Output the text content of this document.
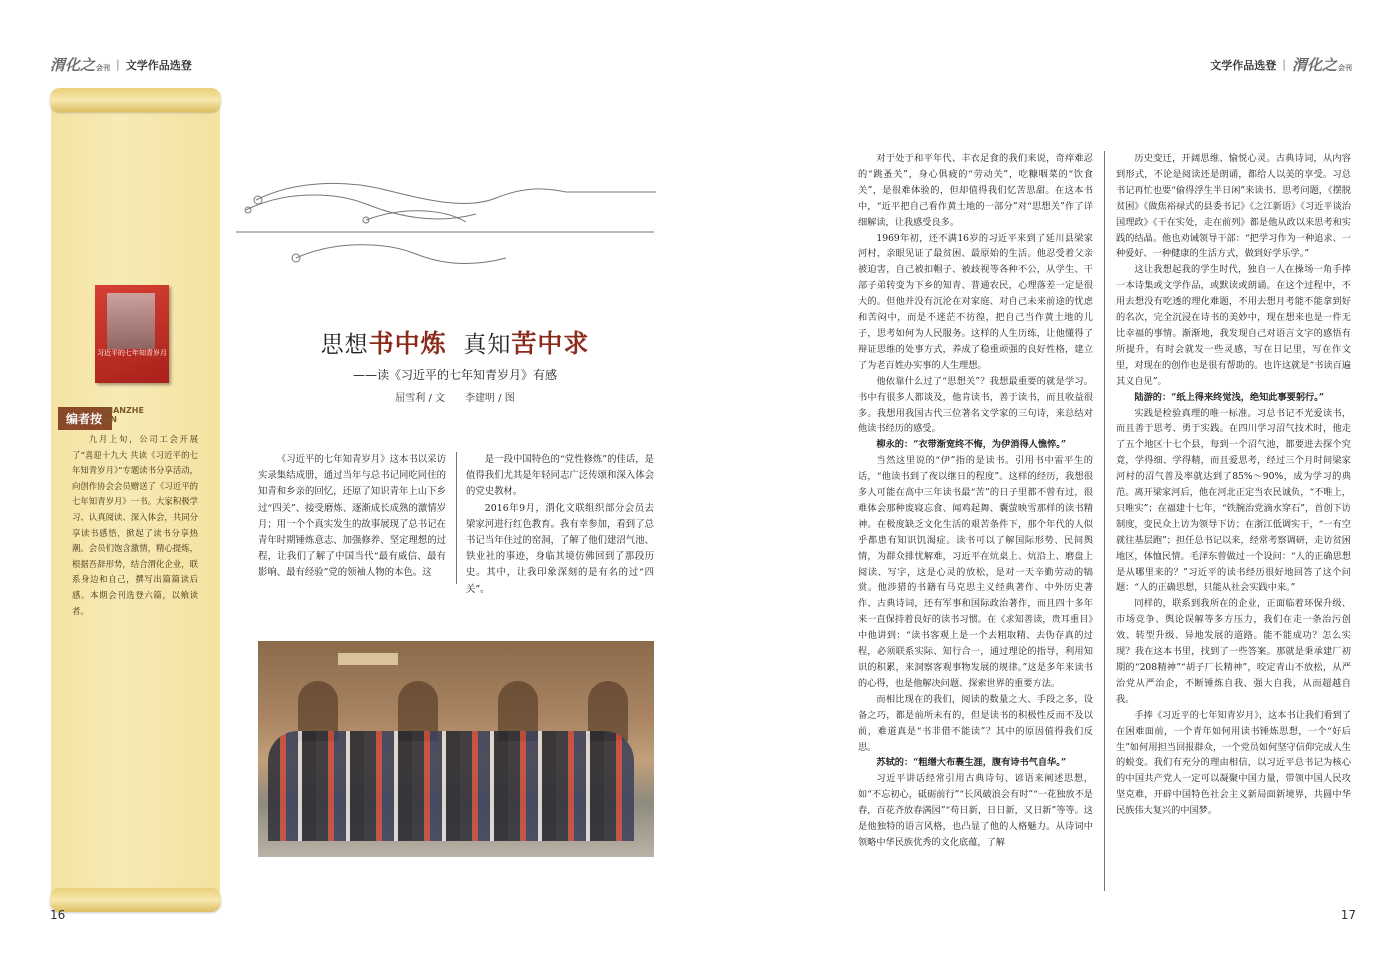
渭化之会刊 | 文学作品选登	文学作品选登 | 渭化之会刊
习近平的七年知青岁月
编者按
BIANZHE AN
九月上旬，公司工会开展了“喜迎十九大 共读《习近平的七年知青岁月》”专题读书分享活动，向创作协会会员赠送了《习近平的七年知青岁月》一书。大家积极学习、认真阅读、深入体会，共同分享读书感悟，掀起了读书分享热潮。会员们饱含激情，精心提炼，根据吾辞形势，结合渭化企业，联系身边和自己，撰写出篇篇读后感。本期会刊选登六篇，以飨读者。
思想书中炼 真知苦中求
——读《习近平的七年知青岁月》有感
屈雪利 / 文　　李建明 / 图

《习近平的七年知青岁月》这本书以采访实录集结成册，通过当年与总书记同吃同住的知青和乡亲的回忆，还原了知识青年上山下乡过“四关”、接受磨炼、逐渐成长成熟的激情岁月；用一个个真实发生的故事展现了总书记在青年时期锤炼意志、加强修养、坚定理想的过程，让我们了解了中国当代“最有威信、最有影响、最有经验”党的领袖人物的本色。这

是一段中国特色的“党性修炼”的佳话，是值得我们尤其是年轻同志广泛传颂和深入体会的党史教材。

2016年9月，渭化文联组织部分会员去梁家河进行红色教育。我有幸参加，看到了总书记当年住过的窑洞，了解了他们建沼气池、铁业社的事迹，身临其境仿佛回到了那段历史。其中，让我印象深刻的是有名的过“四关”。

对于处于和平年代、丰衣足食的我们来说，奇痒难忍的“跳蚤关”，身心俱疲的“劳动关”，吃糠咽菜的“饮食关”，是很难体验的，但却值得我们忆苦思甜。在这本书中，“近平把自己看作黄土地的一部分”对“思想关”作了详细解读，让我感受良多。

1969年初，还不满16岁的习近平来到了延川县梁家河村，亲眼见证了最贫困、最原始的生活。他忍受着父亲被迫害，自己被扣帽子、被歧视等各种不公，从学生、干部子弟转变为下乡的知青、普通农民，心理落差一定是很大的。但他并没有沉沦在对家庭、对自己未来前途的忧虑和苦闷中，而是不迷茫不彷徨，把自己当作黄土地的儿子，思考如何为人民服务。这样的人生历练，让他懂得了辩证思维的处事方式，养成了稳重顽强的良好性格，建立了为老百姓办实事的人生理想。

他依靠什么过了“思想关”？我想最重要的就是学习。书中有很多人都谈及，他肯读书，善于读书，而且收益很多。我想用我国古代三位著名文学家的三句诗，来总结对他读书经历的感受。

柳永的：“衣带渐宽终不悔，为伊消得人憔悴。”

当然这里说的“伊”指的是读书。引用书中雷平生的话，“他读书到了夜以继日的程度”。这样的经历，我想很多人可能在高中三年读书最“苦”的日子里都不曾有过，很难体会那种废寝忘食、闻鸡起舞、囊萤映雪那样的读书精神。在极度缺乏文化生活的艰苦条件下，那个年代的人似乎都患有知识饥渴症。读书可以了解国际形势、民间舆情，为群众排忧解难，习近平在炕桌上、炕沿上、磨盘上阅读、写字，这是心灵的放松，是对一天辛勤劳动的犒赏。他渉猎的书籍有马克思主义经典著作、中外历史著作、古典诗词，还有军事和国际政治著作，而且四十多年来一直保持着良好的读书习惯。在《求知善读，贵耳重目》中他讲到：“读书客观上是一个去粗取精、去伪存真的过程，必须联系实际、知行合一，通过理论的指导，利用知识的积累，来洞察客观事物发展的规律。”这是多年来读书的心得，也是他解决问题、探索世界的重要方法。

而相比现在的我们，阅读的数量之大、手段之多，设备之巧，都是前所未有的，但是读书的积极性反而不及以前，难道真是“书非借不能读”？其中的原因值得我们反思。

苏轼的：“粗缯大布裹生涯，腹有诗书气自华。”

习近平讲话经常引用古典诗句、谚语来阐述思想，如“不忘初心，砥砺前行”“长风破浪会有时”“一花独放不是春，百花齐放春满园”“苟日新，日日新，又日新”等等。这是他独特的语言风格，也凸显了他的人格魅力。从诗词中领略中华民族优秀的文化底蕴，了解

历史变迁，开阔思维、愉悦心灵。古典诗词，从内容到形式，不论是阅读还是朗诵，都给人以美的享受。习总书记再忙也要“偷得浮生半日闲”来读书、思考问题，《摆脱贫困》《做焦裕禄式的县委书记》《之江新语》《习近平谈治国理政》《干在实处，走在前列》都是他从政以来思考和实践的结晶。他也劝诫领导干部：“把学习作为一种追求、一种爱好、一种健康的生活方式，做到好学乐学。”

这让我想起我的学生时代，独自一人在操场一角手捧一本诗集或文学作品，或默读或朗诵。在这个过程中，不用去想没有吃透的理化难题，不用去想月考能不能拿到好的名次，完全沉浸在诗书的美妙中，现在想来也是一件无比幸福的事情。渐渐地，我发现自己对语言文字的感悟有所提升，有时会就发一些灵感，写在日记里，写在作文里，对现在的创作也是很有帮助的。也许这就是“书读百遍其义自见”。

陆游的：“纸上得来终觉浅，绝知此事要躬行。”

实践是检验真理的唯一标准。习总书记不光爱读书，而且善于思考、勇于实践。在四川学习沼气技术时，他走了五个地区十七个县，每到一个沼气池，都要进去探个究竟，学得细、学得精，而且爱思考，经过三个月时间梁家河村的沼气普及率就达到了85%～90%，成为学习的典范。离开梁家河后，他在河北正定当农民诚负，“不唯上，只唯实”；在福建十七年，“铁腕治党滴水穿石”，首创下访制度，变民众上访为领导下访；在浙江低调实干，“一有空就往基层跑”；担任总书记以来，经常考察调研，走访贫困地区，体恤民情。毛泽东曾做过一个设问：“人的正确思想是从哪里来的？”习近平的读书经历很好地回答了这个问题：“人的正确思想，只能从社会实践中来。”

同样的，联系到我所在的企业，正面临着环保升级、市场竞争、舆论误解等多方压力，我们在走一条治污创效、转型升级、异地发展的道路。能不能成功？怎么实现？我在这本书里，找到了一些答案。那就是秉承建厂初期的“208精神”“胡子厂长精神”，咬定青山不放松，从严治党从严治企，不断锤炼自我、强大自我，从而超越自我。

手捧《习近平的七年知青岁月》，这本书让我们看到了在困难面前，一个青年如何用读书锤炼思想，一个“好后生”如何用担当回报群众，一个党员如何坚守信仰完成人生的蜕变。我们有充分的理由相信，以习近平总书记为核心的中国共产党人一定可以凝聚中国力量，带领中国人民攻坚克难，开辟中国特色社会主义新局面新境界，共圆中华民族伟大复兴的中国梦。

16	17
